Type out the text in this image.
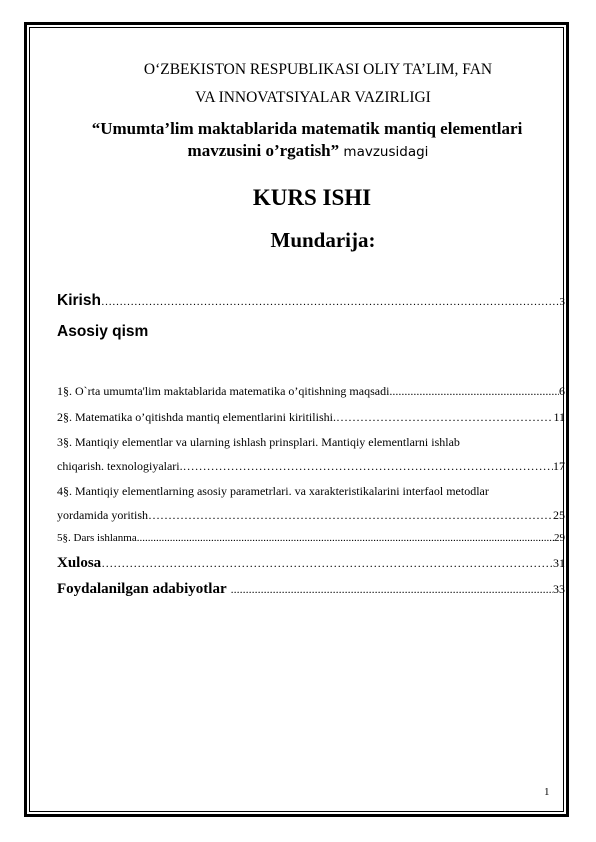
O‘ZBEKISTON RESPUBLIKASI OLIY TA’LIM, FAN
VA INNOVATSIYALAR VAZIRLIGI
“Umumta’lim maktablarida matematik mantiq elementlari
mavzusini o’rgatish” mavzusidagi
KURS ISHI
Mundarija:
Kirish ……………………………………………………………………………………………………………………………………………………………………	3
Asosiy qism
1§. O`rta umumta'lim maktablarida matematika o’qitishning maqsadi .....	6
2§. Matematika o’qitishda mantiq elementlarini kiritilishi. ……………………………………………………………………………………………………………………………………………………………………	11
3§. Mantiqiy elementlar va ularning ishlash prinsplari. Mantiqiy elementlarni ishlab
chiqarish. texnologiyalari. ……………………………………………………………………………………………………………………………………………………………………	17
4§. Mantiqiy elementlarning asosiy parametrlari. va xarakteristikalarini interfaol metodlar
yordamida yoritish ……………………………………………………………………………………………………………………………………………………………………	25
5§. Dars ishlanma .....	29
Xulosa ……………………………………………………………………………………………………………………………………………………………………	31
Foydalanilgan adabiyotlar .....	33
1
